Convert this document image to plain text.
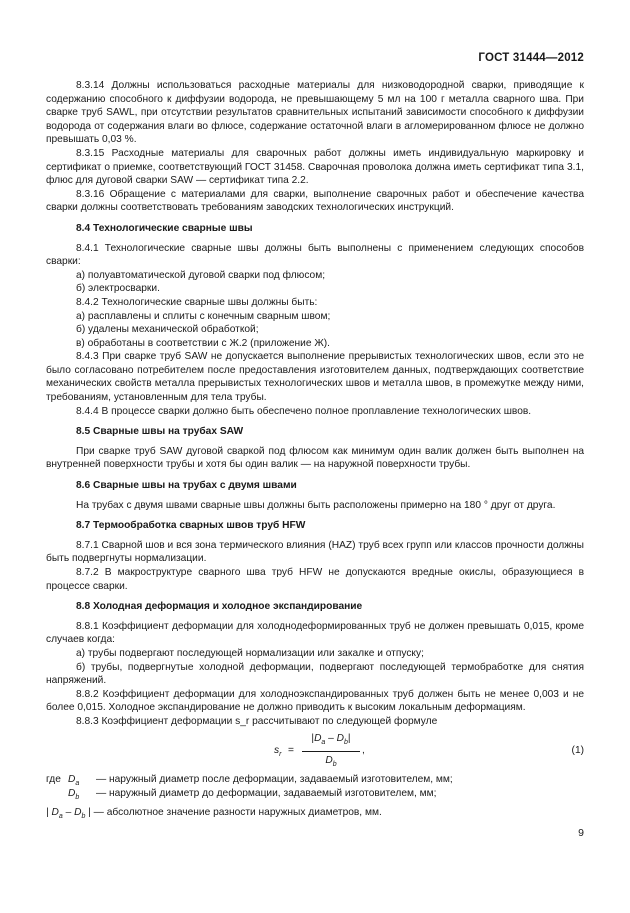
ГОСТ 31444—2012

8.3.14 Должны использоваться расходные материалы для низководородной сварки, приводящие к содержанию способного к диффузии водорода, не превышающему 5 мл на 100 г металла сварного шва. При сварке труб SAWL, при отсутствии результатов сравнительных испытаний зависимости способного к диффузии водорода от содержания влаги во флюсе, содержание остаточной влаги в агломерированном флюсе не должно превышать 0,03 %.

8.3.15 Расходные материалы для сварочных работ должны иметь индивидуальную маркировку и сертификат о приемке, соответствующий ГОСТ 31458. Сварочная проволока должна иметь сертификат типа 3.1, флюс для дуговой сварки SAW — сертификат типа 2.2.

8.3.16 Обращение с материалами для сварки, выполнение сварочных работ и обеспечение качества сварки должны соответствовать требованиям заводских технологических инструкций.

8.4 Технологические сварные швы

8.4.1 Технологические сварные швы должны быть выполнены с применением следующих способов сварки:

а) полуавтоматической дуговой сварки под флюсом;

б) электросварки.

8.4.2 Технологические сварные швы должны быть:

а) расплавлены и сплиты с конечным сварным швом;

б) удалены механической обработкой;

в) обработаны в соответствии с Ж.2 (приложение Ж).

8.4.3 При сварке труб SAW не допускается выполнение прерывистых технологических швов, если это не было согласовано потребителем после предоставления изготовителем данных, подтверждающих соответствие механических свойств металла прерывистых технологических швов и металла швов, в промежутке между ними, требованиям, установленным для тела трубы.

8.4.4 В процессе сварки должно быть обеспечено полное проплавление технологических швов.

8.5 Сварные швы на трубах SAW

При сварке труб SAW дуговой сваркой под флюсом как минимум один валик должен быть выполнен на внутренней поверхности трубы и хотя бы один валик — на наружной поверхности трубы.

8.6 Сварные швы на трубах с двумя швами

На трубах с двумя швами сварные швы должны быть расположены примерно на 180 ° друг от друга.

8.7 Термообработка сварных швов труб HFW

8.7.1 Сварной шов и вся зона термического влияния (HAZ) труб всех групп или классов прочности должны быть подвергнуты нормализации.

8.7.2 В макроструктуре сварного шва труб HFW не допускаются вредные окислы, образующиеся в процессе сварки.

8.8 Холодная деформация и холодное экспандирование

8.8.1 Коэффициент деформации для холоднодеформированных труб не должен превышать 0,015, кроме случаев когда:

а) трубы подвергают последующей нормализации или закалке и отпуску;

б) трубы, подвергнутые холодной деформации, подвергают последующей термобработке для снятия напряжений.

8.8.2 Коэффициент деформации для холодноэкспандированных труб должен быть не менее 0,003 и не более 0,015. Холодное экспандирование не должно приводить к высоким локальным деформациям.

8.8.3 Коэффициент деформации s_r рассчитывают по следующей формуле

$s_r = \frac{|D_a - D_b|}{D_b}$ ,	(1)
где $D_a$ — наружный диаметр после деформации, задаваемый изготовителем, мм;
$D_b$ — наружный диаметр до деформации, задаваемый изготовителем, мм;
| $D_a - D_b$ | — абсолютное значение разности наружных диаметров, мм.
9
